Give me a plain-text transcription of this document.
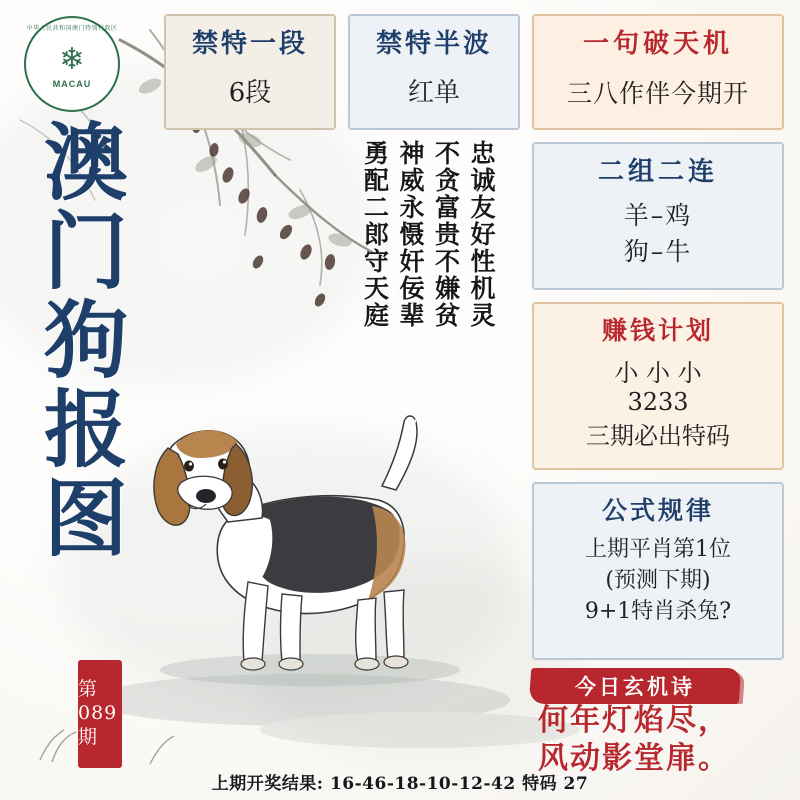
中华人民共和国澳门特别行政区
❄
MACAU
澳
门
狗
报
图
第089期
忠诚友好性机灵
不贪富贵不嫌贫
神威永慑奸佞辈
勇配二郎守天庭
禁特一段
6段
禁特半波
红单
一句破天机
三八作伴今期开
二组二连
羊–鸡
狗–牛
赚钱计划
小 小 小
3233
三期必出特码
公式规律
上期平肖第1位
(预测下期)
9+1特肖杀兔?
今日玄机诗
何年灯焰尽，
风动影堂扉。
上期开奖结果: 16-46-18-10-12-42 特码 27
